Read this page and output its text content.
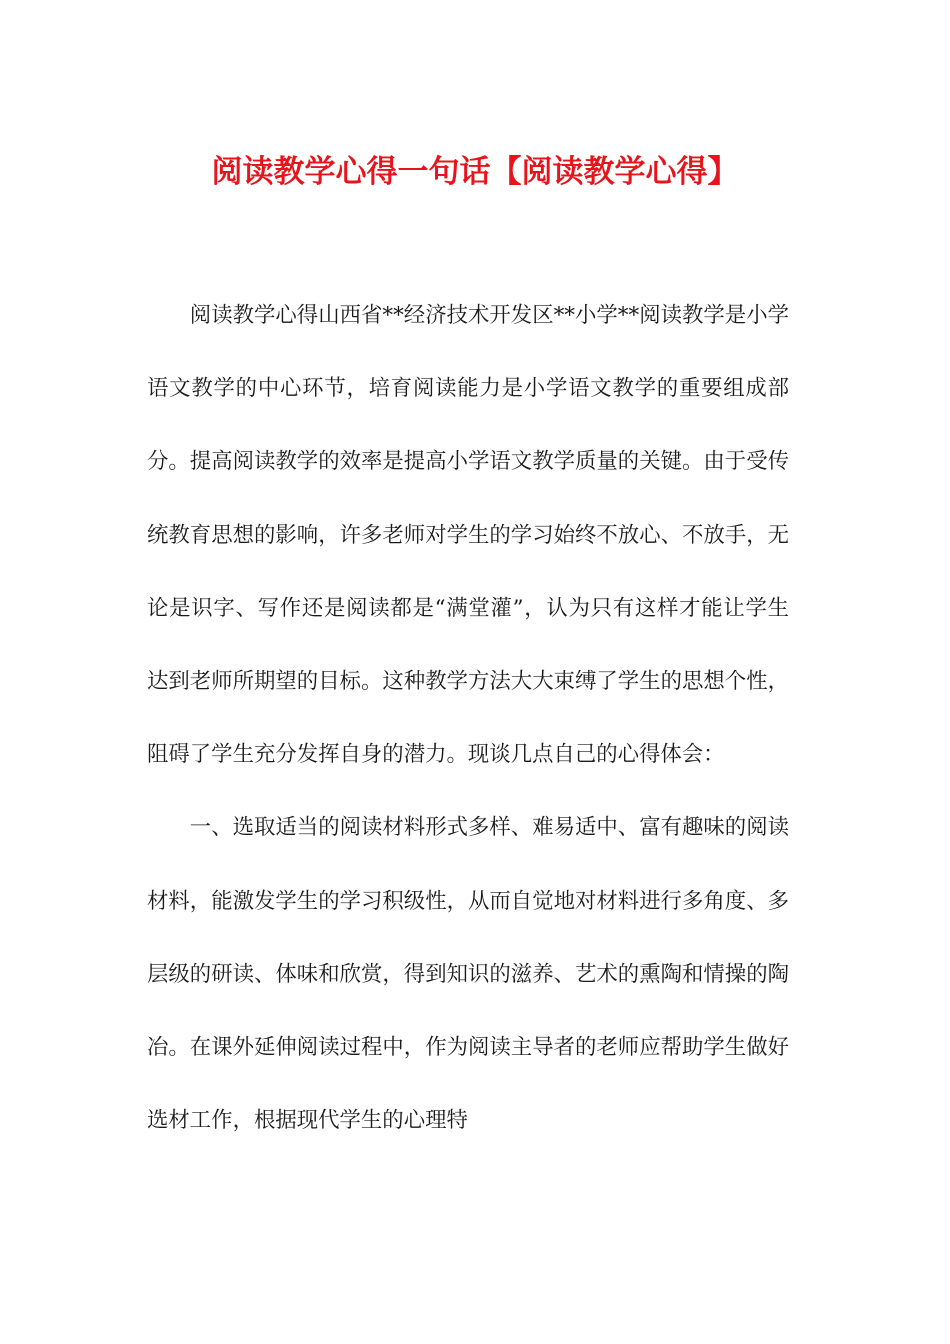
阅读教学心得一句话【阅读教学心得】

阅读教学心得山西省**经济技术开发区**小学**阅读教学是小学语文教学的中心环节，培育阅读能力是小学语文教学的重要组成部分。提高阅读教学的效率是提高小学语文教学质量的关键。由于受传统教育思想的影响，许多老师对学生的学习始终不放心、不放手，无论是识字、写作还是阅读都是“满堂灌”，认为只有这样才能让学生达到老师所期望的目标。这种教学方法大大束缚了学生的思想个性，阻碍了学生充分发挥自身的潜力。现谈几点自己的心得体会：

一、选取适当的阅读材料形式多样、难易适中、富有趣味的阅读材料，能激发学生的学习积级性，从而自觉地对材料进行多角度、多层级的研读、体味和欣赏，得到知识的滋养、艺术的熏陶和情操的陶冶。在课外延伸阅读过程中，作为阅读主导者的老师应帮助学生做好选材工作，根据现代学生的心理特
